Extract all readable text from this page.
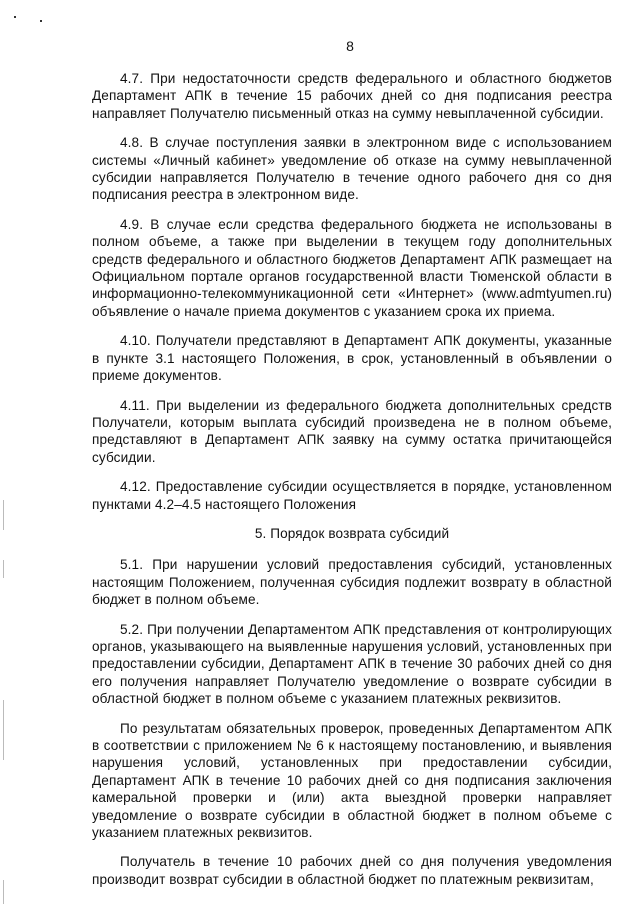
8

4.7. При недостаточности средств федерального и областного бюджетов Департамент АПК в течение 15 рабочих дней со дня подписания реестра направляет Получателю письменный отказ на сумму невыплаченной субсидии.

4.8. В случае поступления заявки в электронном виде с использованием системы «Личный кабинет» уведомление об отказе на сумму невыплаченной субсидии направляется Получателю в течение одного рабочего дня со дня подписания реестра в электронном виде.

4.9. В случае если средства федерального бюджета не использованы в полном объеме, а также при выделении в текущем году дополнительных средств федерального и областного бюджетов Департамент АПК размещает на Официальном портале органов государственной власти Тюменской области в информационно-телекоммуникационной сети «Интернет» (www.admtyumen.ru) объявление о начале приема документов с указанием срока их приема.

4.10. Получатели представляют в Департамент АПК документы, указанные в пункте 3.1 настоящего Положения, в срок, установленный в объявлении о приеме документов.

4.11. При выделении из федерального бюджета дополнительных средств Получатели, которым выплата субсидий произведена не в полном объеме, представляют в Департамент АПК заявку на сумму остатка причитающейся субсидии.

4.12. Предоставление субсидии осуществляется в порядке, установленном пунктами 4.2–4.5 настоящего Положения

5. Порядок возврата субсидий

5.1. При нарушении условий предоставления субсидий, установленных настоящим Положением, полученная субсидия подлежит возврату в областной бюджет в полном объеме.

5.2. При получении Департаментом АПК представления от контролирующих органов, указывающего на выявленные нарушения условий, установленных при предоставлении субсидии, Департамент АПК в течение 30 рабочих дней со дня его получения направляет Получателю уведомление о возврате субсидии в областной бюджет в полном объеме с указанием платежных реквизитов.

По результатам обязательных проверок, проведенных Департаментом АПК в соответствии с приложением № 6 к настоящему постановлению, и выявления нарушения условий, установленных при предоставлении субсидии, Департамент АПК в течение 10 рабочих дней со дня подписания заключения камеральной проверки и (или) акта выездной проверки направляет уведомление о возврате субсидии в областной бюджет в полном объеме с указанием платежных реквизитов.

Получатель в течение 10 рабочих дней со дня получения уведомления производит возврат субсидии в областной бюджет по платежным реквизитам,
